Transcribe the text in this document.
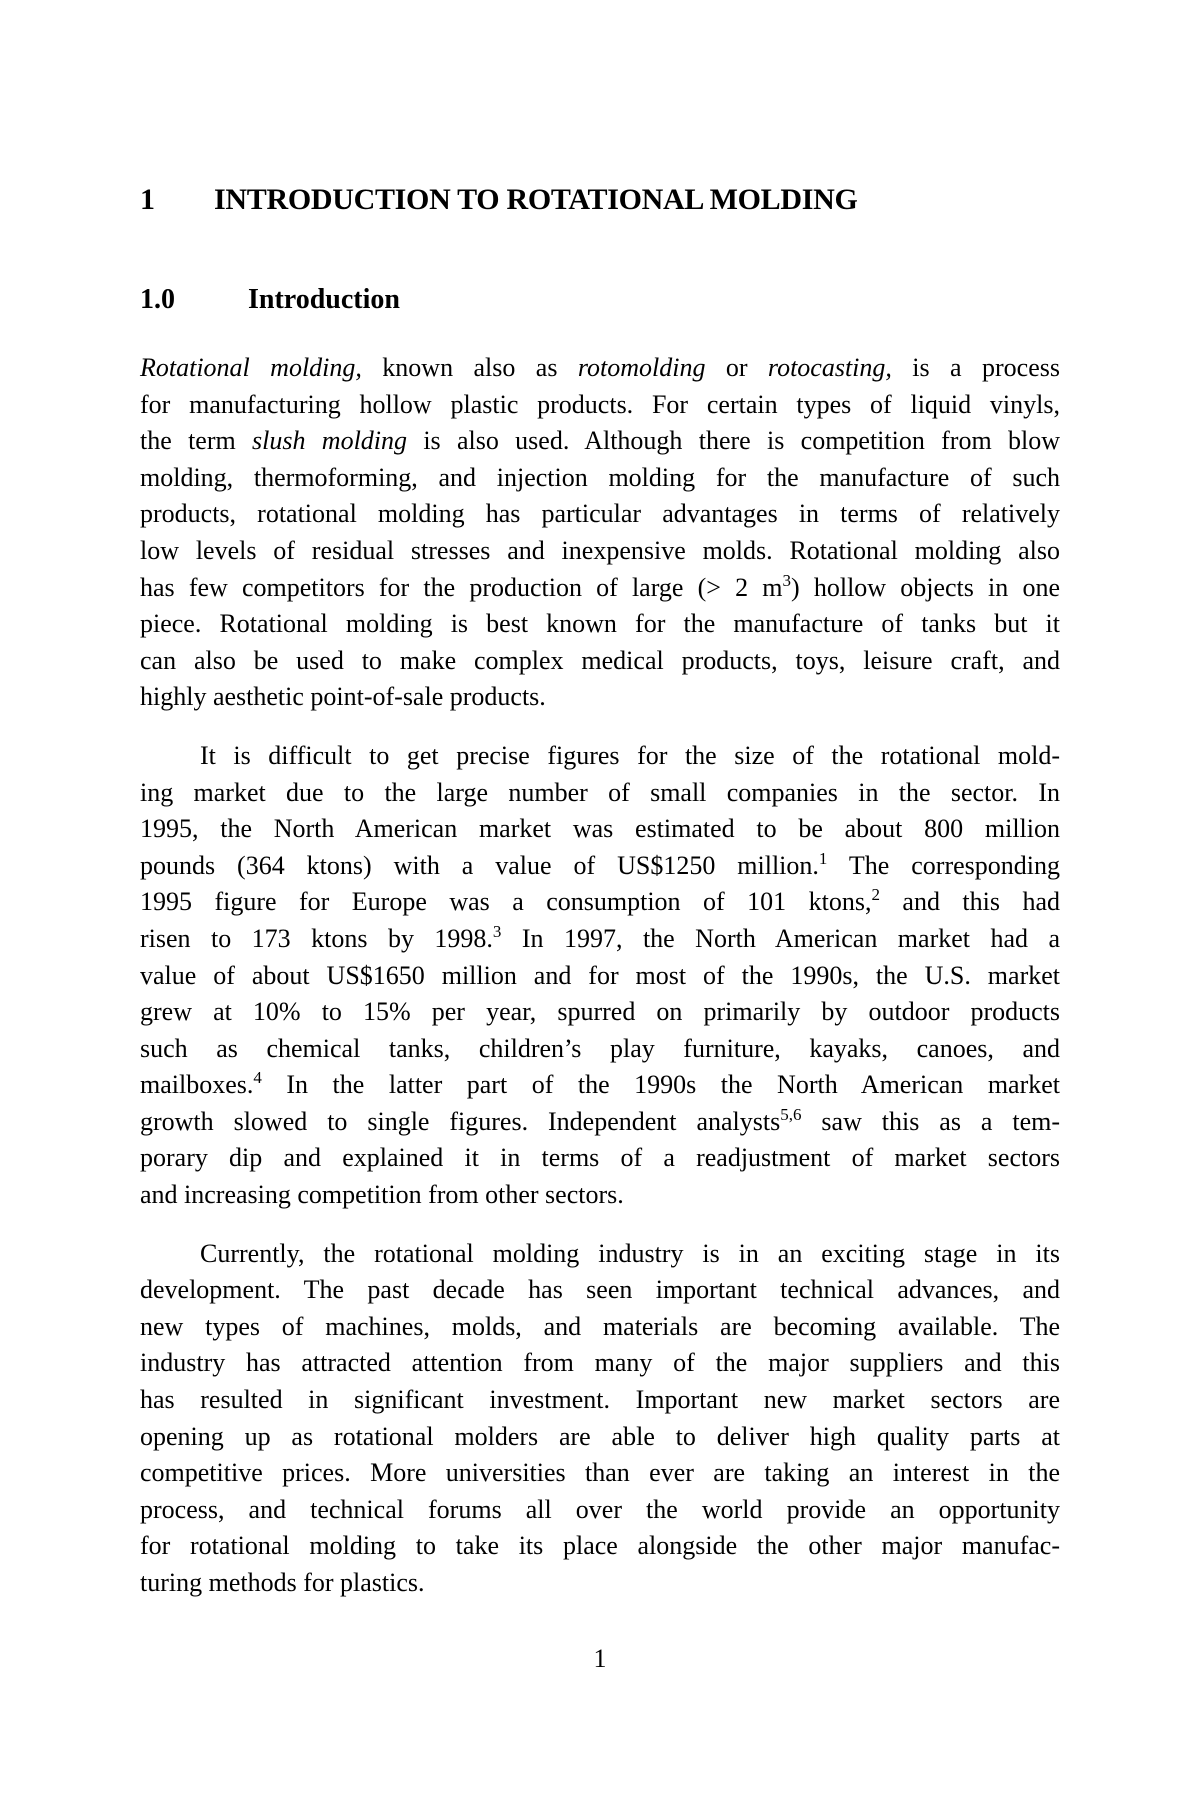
1	INTRODUCTION TO ROTATIONAL MOLDING
1.0	Introduction

Rotational molding, known also as rotomolding or rotocasting, is a process
for manufacturing hollow plastic products. For certain types of liquid vinyls,
the term slush molding is also used. Although there is competition from blow
molding, thermoforming, and injection molding for the manufacture of such
products, rotational molding has particular advantages in terms of relatively
low levels of residual stresses and inexpensive molds. Rotational molding also
has few competitors for the production of large (> 2 $m^3$) hollow objects in one
piece. Rotational molding is best known for the manufacture of tanks but it
can also be used to make complex medical products, toys, leisure craft, and
highly aesthetic point-of-sale products.

It is difficult to get precise figures for the size of the rotational mold-
ing market due to the large number of small companies in the sector. In
1995, the North American market was estimated to be about 800 million
pounds (364 ktons) with a value of US$1250 million.$^1$ The corresponding
1995 figure for Europe was a consumption of 101 ktons,$^2$ and this had
risen to 173 ktons by 1998.$^3$ In 1997, the North American market had a
value of about US$1650 million and for most of the 1990s, the U.S. market
grew at 10% to 15% per year, spurred on primarily by outdoor products
such as chemical tanks, children’s play furniture, kayaks, canoes, and
mailboxes.$^4$ In the latter part of the 1990s the North American market
growth slowed to single figures. Independent analysts$^{5,6}$ saw this as a tem-
porary dip and explained it in terms of a readjustment of market sectors
and increasing competition from other sectors.

Currently, the rotational molding industry is in an exciting stage in its
development. The past decade has seen important technical advances, and
new types of machines, molds, and materials are becoming available. The
industry has attracted attention from many of the major suppliers and this
has resulted in significant investment. Important new market sectors are
opening up as rotational molders are able to deliver high quality parts at
competitive prices. More universities than ever are taking an interest in the
process, and technical forums all over the world provide an opportunity
for rotational molding to take its place alongside the other major manufac-
turing methods for plastics.

1
